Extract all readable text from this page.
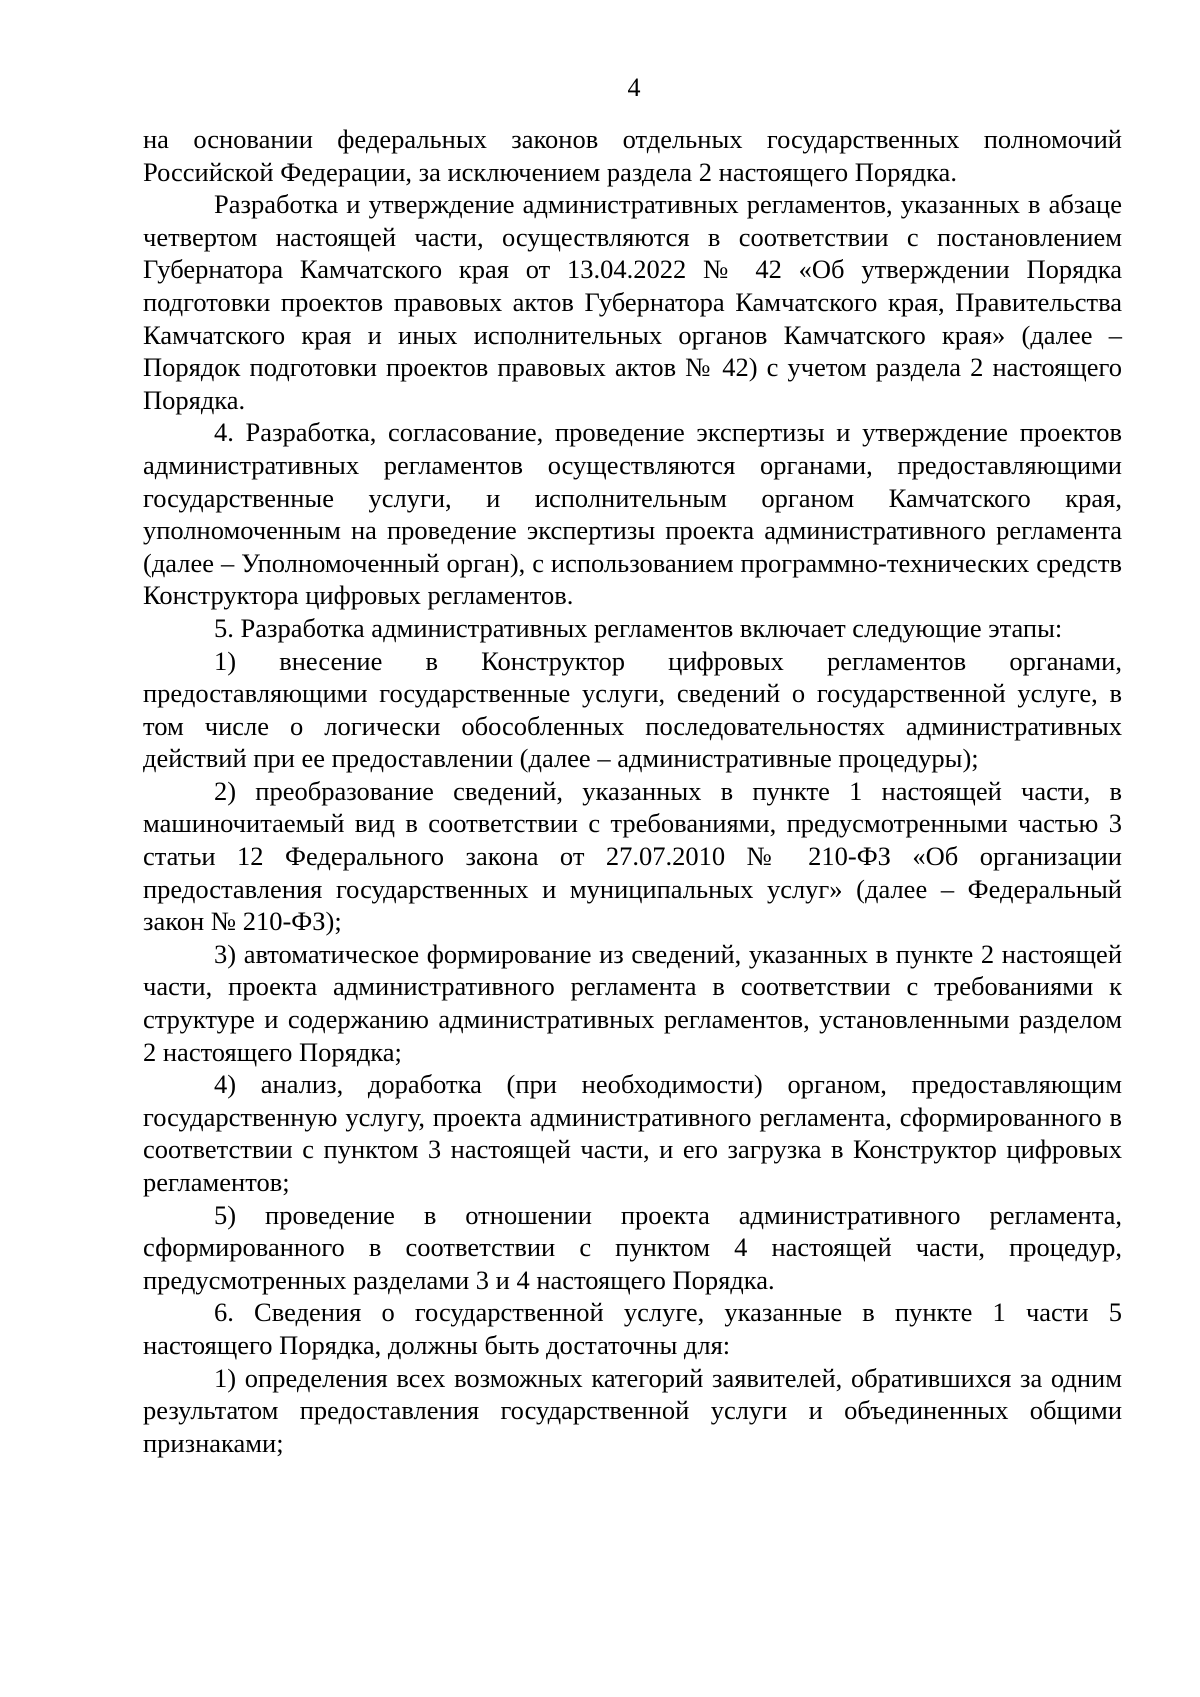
4

на основании федеральных законов отдельных государственных полномочий Российской Федерации, за исключением раздела 2 настоящего Порядка.

Разработка и утверждение административных регламентов, указанных в абзаце четвертом настоящей части, осуществляются в соответствии с постановлением Губернатора Камчатского края от 13.04.2022 № 42 «Об утверждении Порядка подготовки проектов правовых актов Губернатора Камчатского края, Правительства Камчатского края и иных исполнительных органов Камчатского края» (далее – Порядок подготовки проектов правовых актов № 42) с учетом раздела 2 настоящего Порядка.

4. Разработка, согласование, проведение экспертизы и утверждение проектов административных регламентов осуществляются органами, предоставляющими государственные услуги, и исполнительным органом Камчатского края, уполномоченным на проведение экспертизы проекта административного регламента (далее – Уполномоченный орган), с использованием программно-технических средств Конструктора цифровых регламентов.

5. Разработка административных регламентов включает следующие этапы:

1) внесение в Конструктор цифровых регламентов органами, предоставляющими государственные услуги, сведений о государственной услуге, в том числе о логически обособленных последовательностях административных действий при ее предоставлении (далее – административные процедуры);

2) преобразование сведений, указанных в пункте 1 настоящей части, в машиночитаемый вид в соответствии с требованиями, предусмотренными частью 3 статьи 12 Федерального закона от 27.07.2010 № 210-ФЗ «Об организации предоставления государственных и муниципальных услуг» (далее – Федеральный закон № 210-ФЗ);

3) автоматическое формирование из сведений, указанных в пункте 2 настоящей части, проекта административного регламента в соответствии с требованиями к структуре и содержанию административных регламентов, установленными разделом 2 настоящего Порядка;

4) анализ, доработка (при необходимости) органом, предоставляющим государственную услугу, проекта административного регламента, сформированного в соответствии с пунктом 3 настоящей части, и его загрузка в Конструктор цифровых регламентов;

5) проведение в отношении проекта административного регламента, сформированного в соответствии с пунктом 4 настоящей части, процедур, предусмотренных разделами 3 и 4 настоящего Порядка.

6. Сведения о государственной услуге, указанные в пункте 1 части 5 настоящего Порядка, должны быть достаточны для:

1) определения всех возможных категорий заявителей, обратившихся за одним результатом предоставления государственной услуги и объединенных общими признаками;
